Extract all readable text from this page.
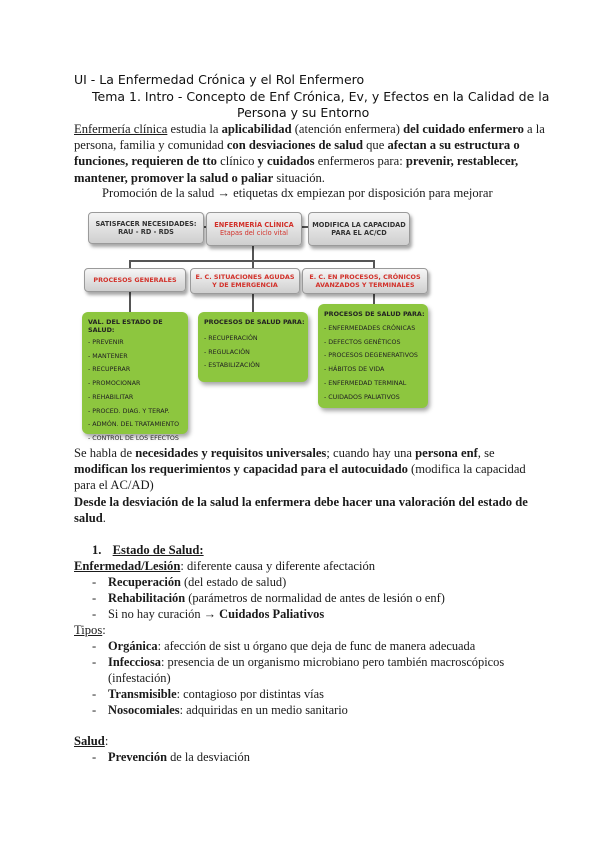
UI - La Enfermedad Crónica y el Rol Enfermero
Tema 1. Intro - Concepto de Enf Crónica, Ev, y Efectos en la Calidad de la
Persona y su Entorno
Enfermería clínica estudia la aplicabilidad (atención enfermera) del cuidado enfermero a la
persona, familia y comunidad con desviaciones de salud que afectan a su estructura o
funciones, requieren de tto clínico y cuidados enfermeros para: prevenir, restablecer,
mantener, promover la salud o paliar situación.
Promoción de la salud → etiquetas dx empiezan por disposición para mejorar
SATISFACER NECESIDADES:
RAU - RD - RDS
ENFERMERÍA CLÍNICA
Etapas del ciclo vital
MODIFICA LA CAPACIDAD
PARA EL AC/CD
PROCESOS GENERALES	E. C. SITUACIONES AGUDAS
Y DE EMERGENCIA
E. C. EN PROCESOS, CRÓNICOS
AVANZADOS Y TERMINALES
VAL. DEL ESTADO DE SALUD:
- PREVENIR
- MANTENER
- RECUPERAR
- PROMOCIONAR
- REHABILITAR
- PROCED. DIAG. Y TERAP.
- ADMÓN. DEL TRATAMIENTO
- CONTROL DE LOS EFECTOS
PROCESOS DE SALUD PARA:
- RECUPERACIÓN
- REGULACIÓN
- ESTABILIZACIÓN
PROCESOS DE SALUD PARA:
- ENFERMEDADES CRÓNICAS
- DEFECTOS GENÉTICOS
- PROCESOS DEGENERATIVOS
- HÁBITOS DE VIDA
- ENFERMEDAD TERMINAL
- CUIDADOS PALIATIVOS
Se habla de necesidades y requisitos universales; cuando hay una persona enf, se
modifican los requerimientos y capacidad para el autocuidado (modifica la capacidad
para el AC/AD)
Desde la desviación de la salud la enfermera debe hacer una valoración del estado de
salud.
1. Estado de Salud:
Enfermedad/Lesión: diferente causa y diferente afectación
- Recuperación (del estado de salud)
- Rehabilitación (parámetros de normalidad de antes de lesión o enf)
- Si no hay curación → Cuidados Paliativos
Tipos:
- Orgánica: afección de sist u órgano que deja de func de manera adecuada
- Infecciosa: presencia de un organismo microbiano pero también macroscópicos
(infestación)
- Transmisible: contagioso por distintas vías
- Nosocomiales: adquiridas en un medio sanitario
Salud:
- Prevención de la desviación
